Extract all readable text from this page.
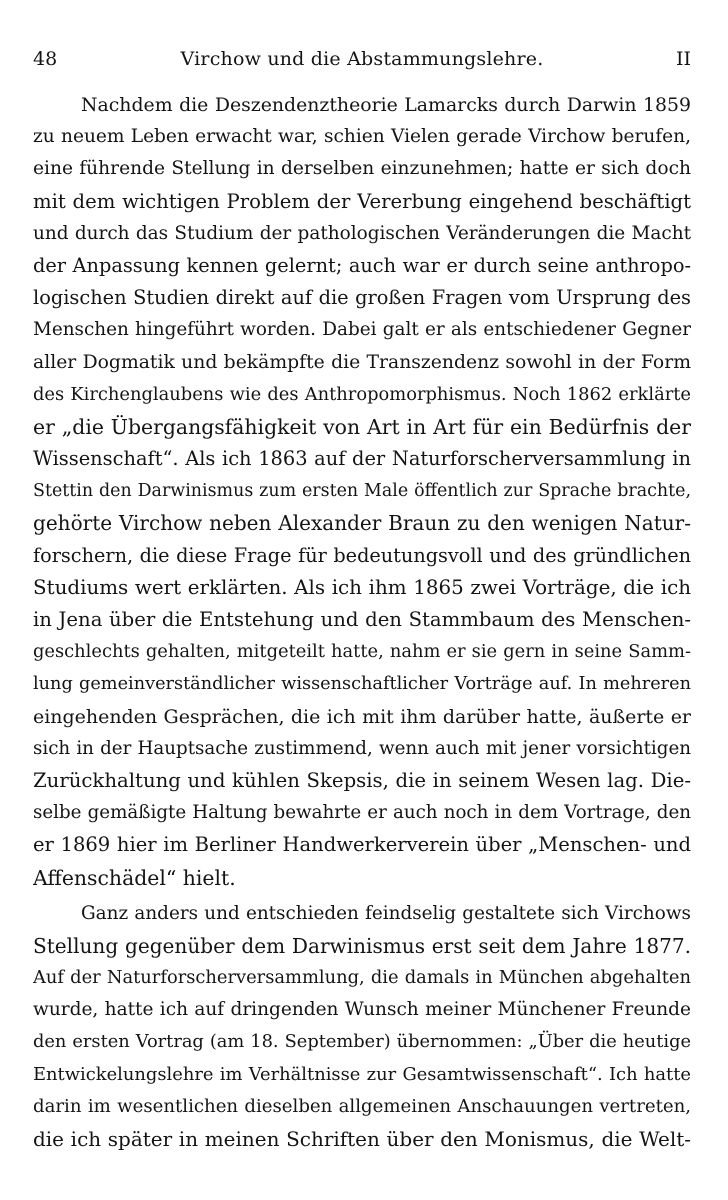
48	Virchow und die Abstammungslehre.	II
Nachdem die Deszendenztheorie Lamarcks durch Darwin 1859
zu neuem Leben erwacht war, schien Vielen gerade Virchow berufen,
eine führende Stellung in derselben einzunehmen; hatte er sich doch
mit dem wichtigen Problem der Vererbung eingehend beschäftigt
und durch das Studium der pathologischen Veränderungen die Macht
der Anpassung kennen gelernt; auch war er durch seine anthropo-
logischen Studien direkt auf die großen Fragen vom Ursprung des
Menschen hingeführt worden. Dabei galt er als entschiedener Gegner
aller Dogmatik und bekämpfte die Transzendenz sowohl in der Form
des Kirchenglaubens wie des Anthropomorphismus. Noch 1862 erklärte
er „die Übergangsfähigkeit von Art in Art für ein Bedürfnis der
Wissenschaft“. Als ich 1863 auf der Naturforscherversammlung in
Stettin den Darwinismus zum ersten Male öffentlich zur Sprache brachte,
gehörte Virchow neben Alexander Braun zu den wenigen Natur-
forschern, die diese Frage für bedeutungsvoll und des gründlichen
Studiums wert erklärten. Als ich ihm 1865 zwei Vorträge, die ich
in Jena über die Entstehung und den Stammbaum des Menschen-
geschlechts gehalten, mitgeteilt hatte, nahm er sie gern in seine Samm-
lung gemeinverständlicher wissenschaftlicher Vorträge auf. In mehreren
eingehenden Gesprächen, die ich mit ihm darüber hatte, äußerte er
sich in der Hauptsache zustimmend, wenn auch mit jener vorsichtigen
Zurückhaltung und kühlen Skepsis, die in seinem Wesen lag. Die-
selbe gemäßigte Haltung bewahrte er auch noch in dem Vortrage, den
er 1869 hier im Berliner Handwerkerverein über „Menschen- und
Affenschädel“ hielt.
Ganz anders und entschieden feindselig gestaltete sich Virchows
Stellung gegenüber dem Darwinismus erst seit dem Jahre 1877.
Auf der Naturforscherversammlung, die damals in München abgehalten
wurde, hatte ich auf dringenden Wunsch meiner Münchener Freunde
den ersten Vortrag (am 18. September) übernommen: „Über die heutige
Entwickelungslehre im Verhältnisse zur Gesamtwissenschaft“. Ich hatte
darin im wesentlichen dieselben allgemeinen Anschauungen vertreten,
die ich später in meinen Schriften über den Monismus, die Welt-
